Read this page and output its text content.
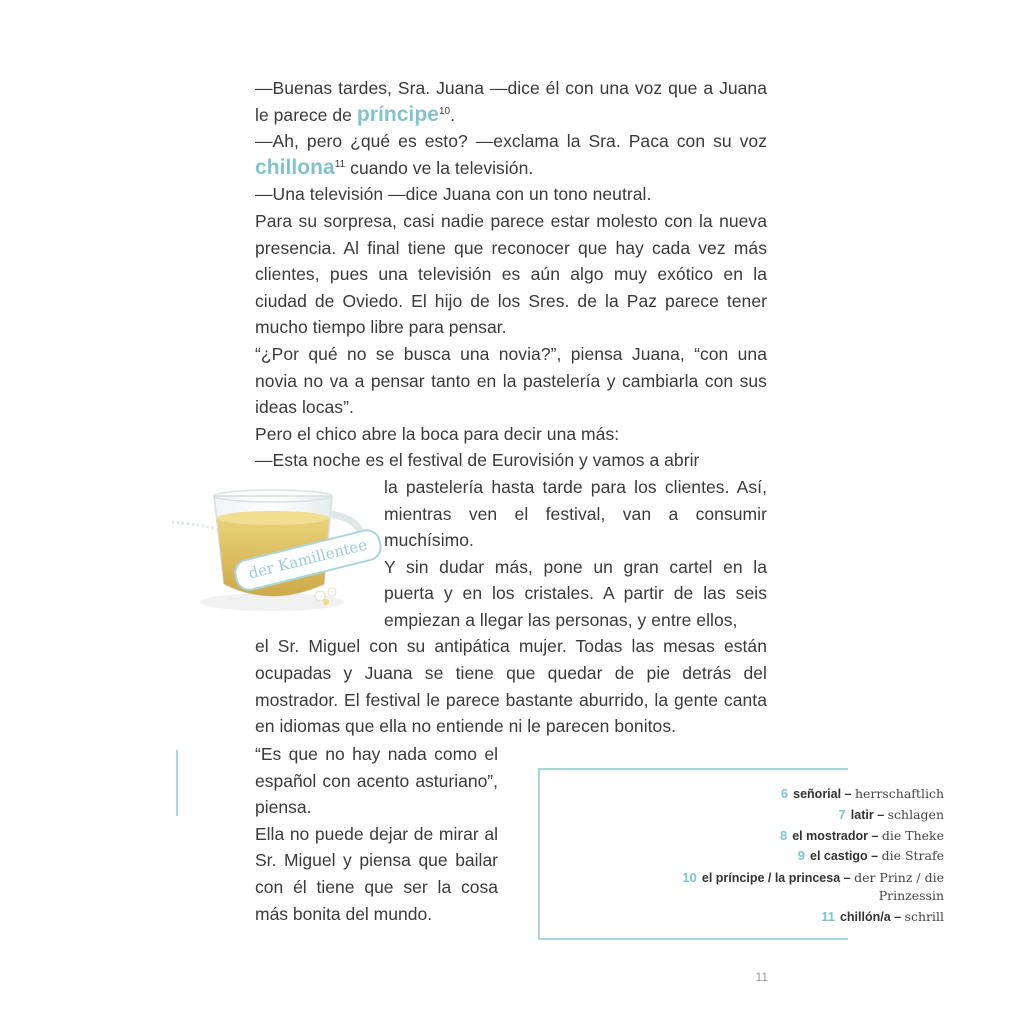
—Buenas tardes, Sra. Juana —dice él con una voz que a Juana le parece de príncipe$^{10}$.

—Ah, pero ¿qué es esto? —exclama la Sra. Paca con su voz chillona$^{11}$ cuando ve la televisión.

—Una televisión —dice Juana con un tono neutral.

Para su sorpresa, casi nadie parece estar molesto con la nueva presencia. Al final tiene que reconocer que hay cada vez más clientes, pues una televisión es aún algo muy exótico en la ciudad de Oviedo. El hijo de los Sres. de la Paz parece tener mucho tiempo libre para pensar.

“¿Por qué no se busca una novia?”, piensa Juana, “con una novia no va a pensar tanto en la pastelería y cambiarla con sus ideas locas”.

Pero el chico abre la boca para decir una más:

—Esta noche es el festival de Eurovisión y vamos a abrir

la pastelería hasta tarde para los clientes. Así, mientras ven el festival, van a consumir muchísimo.

Y sin dudar más, pone un gran cartel en la puerta y en los cristales. A partir de las seis empiezan a llegar las personas, y entre ellos,

el Sr. Miguel con su antipática mujer. Todas las mesas están ocupadas y Juana se tiene que quedar de pie detrás del mostrador. El festival le parece bastante aburrido, la gente canta en idiomas que ella no entiende ni le parecen bonitos.

der Kamillentee

“Es que no hay nada como el español con acento asturiano”, piensa.

Ella no puede dejar de mirar al Sr. Miguel y piensa que bailar con él tiene que ser la cosa más bonita del mundo.

6 señorial – herrschaftlich
7 latir – schlagen
8 el mostrador – die Theke
9 el castigo – die Strafe
10 el príncipe / la princesa – der Prinz / die Prinzessin
11 chillón/a – schrill
11
